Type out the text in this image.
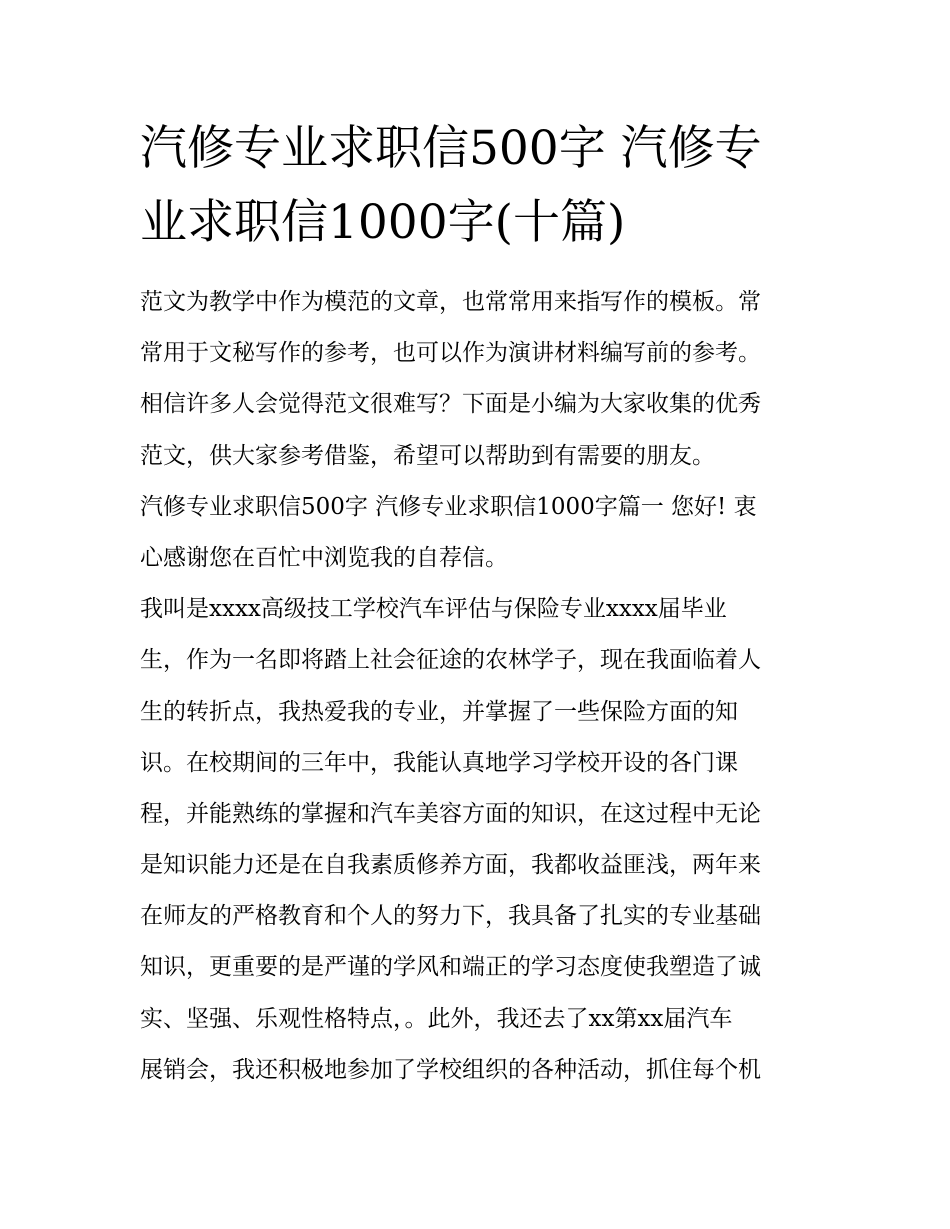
汽修专业求职信500字 汽修专
业求职信1000字(十篇)
范文为教学中作为模范的文章，也常常用来指写作的模板。常
常用于文秘写作的参考，也可以作为演讲材料编写前的参考。
相信许多人会觉得范文很难写？下面是小编为大家收集的优秀
范文，供大家参考借鉴，希望可以帮助到有需要的朋友。
汽修专业求职信500字 汽修专业求职信1000字篇一 您好! 衷
心感谢您在百忙中浏览我的自荐信。
我叫是xxxx高级技工学校汽车评估与保险专业xxxx届毕业
生，作为一名即将踏上社会征途的农林学子，现在我面临着人
生的转折点，我热爱我的专业，并掌握了一些保险方面的知
识。在校期间的三年中，我能认真地学习学校开设的各门课
程，并能熟练的掌握和汽车美容方面的知识，在这过程中无论
是知识能力还是在自我素质修养方面，我都收益匪浅，两年来
在师友的严格教育和个人的努力下，我具备了扎实的专业基础
知识，更重要的是严谨的学风和端正的学习态度使我塑造了诚
实、坚强、乐观性格特点，。此外，我还去了xx第xx届汽车
展销会，我还积极地参加了学校组织的各种活动，抓住每个机
